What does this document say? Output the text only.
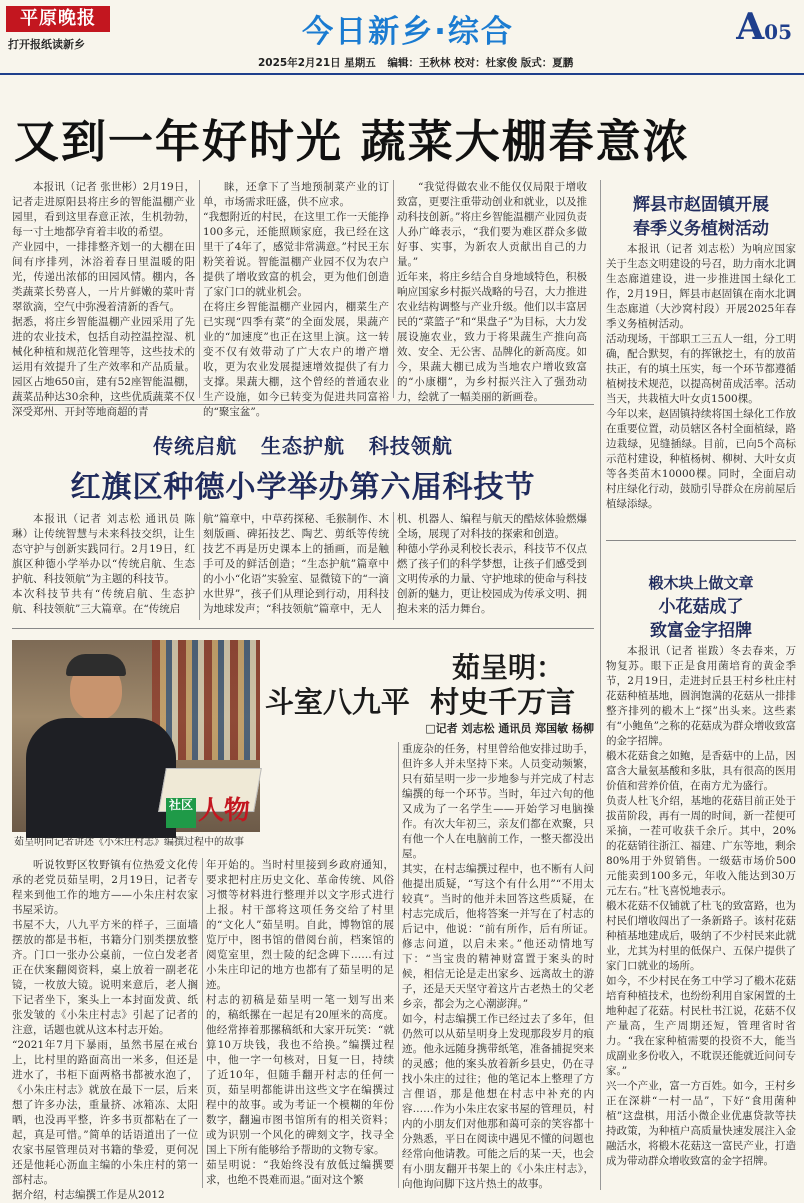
平原晚报
打开报纸读新乡	今日新乡·综合	A05
2025年2月21日 星期五 编辑：王秋林 校对：杜家俊 版式：夏鹏
又到一年好时光 蔬菜大棚春意浓
本报讯（记者 张世彬）2月19日，记者走进原阳县将庄乡的智能温棚产业园里，看到这里春意正浓，生机勃勃，每一寸土地都孕育着丰收的希望。
产业园中，一排排整齐划一的大棚在田间有序排列，沐浴着春日里温暖的阳光，传递出浓郁的田园风情。棚内，各类蔬菜长势喜人，一片片鲜嫩的菜叶青翠欲滴，空气中弥漫着清新的香气。
据悉，将庄乡智能温棚产业园采用了先进的农业技术，包括自动控温控湿、机械化种植和规范化管理等，这些技术的运用有效提升了生产效率和产品质量。园区占地650亩，建有52座智能温棚，蔬菜品种达30余种，这些优质蔬菜不仅深受郑州、开封等地商超的青
睐，还拿下了当地预制菜产业的订单，市场需求旺盛，供不应求。
“我想附近的村民，在这里工作一天能挣100多元，还能照顾家庭，我已经在这里干了4年了，感觉非常满意。”村民王东粉笑着说。智能温棚产业园不仅为农户提供了增收致富的机会，更为他们创造了家门口的就业机会。
在将庄乡智能温棚产业园内，棚菜生产已实现“四季有菜”的全面发展，果蔬产业的“加速度”也正在这里上演。这一转变不仅有效带动了广大农户的增产增收，更为农业发展提速增效提供了有力支撑。果蔬大棚，这个曾经的普通农业生产设施，如今已转变为促进共同富裕的“聚宝盆”。
“我觉得做农业不能仅仅局限于增收致富，更要注重带动创业和就业，以及推动科技创新。”将庄乡智能温棚产业园负责人孙广峰表示，“我们要为难区群众多做好事、实事，为新农人贡献出自己的力量。”
近年来，将庄乡结合自身地域特色，积极响应国家乡村振兴战略的号召，大力推进农业结构调整与产业升级。他们以丰富居民的“菜篮子”和“果盘子”为目标，大力发展设施农业，致力于将果蔬生产推向高效、安全、无公害、品牌化的新高度。如今，果蔬大棚已成为当地农户增收致富的“小康棚”，为乡村振兴注入了强劲动力，绘就了一幅美丽的新画卷。
传统启航   生态护航   科技领航
红旗区种德小学举办第六届科技节
本报讯（记者 刘志松 通讯员 陈琳）让传统智慧与未来科技交织，让生态守护与创新实践同行。2月19日，红旗区种德小学举办以“传统启航、生态护航、科技领航”为主题的科技节。
本次科技节共有“传统启航、生态护航、科技领航”三大篇章。在“传统启
航”篇章中，中草药探秘、毛猴制作、木刻版画、碑拓技艺、陶艺、剪纸等传统技艺不再是历史课本上的插画，而是触手可及的鲜活创造；“生态护航”篇章中的小小“化语”实验室、显微镜下的“一滴水世界”，孩子们从理论到行动，用科技为地球发声；“科技领航”篇章中，无人
机、机器人、编程与航天的酷炫体验燃爆全场，展现了对科技的探索和创造。
种德小学孙灵利校长表示，科技节不仅点燃了孩子们的科学梦想，让孩子们感受到文明传承的力量、守护地球的使命与科技创新的魅力，更让校园成为传承文明、拥抱未来的活力舞台。
社区 人物
茹呈明向记者讲述《小朱庄村志》编撰过程中的故事
茹呈明：
斗室八九平  村史千万言
□记者 刘志松 通讯员 郑国敏 杨柳
听说牧野区牧野镇有位热爱文化传承的老党员茹呈明，2月19日，记者专程来到他工作的地方——小朱庄村农家书屋采访。
书屋不大，八九平方米的样子，三面墙摆放的都是书柜，书籍分门别类摆放整齐。门口一张办公桌前，一位白发老者正在伏案翻阅资料，桌上放着一副老花镜，一枚放大镜。说明来意后，老人搁下记者坐下，案头上一本封面发黄、纸张发皱的《小朱庄村志》引起了记者的注意，话题也就从这本村志开始。
“2021年7月下暴雨，虽然书屋在戒台上，比村里的路面高出一米多，但还是进水了，书柜下面两格书都被水泡了，《小朱庄村志》就放在最下一层，后来想了许多办法，重量挤、冰箱冻、太阳晒，也没再平整，许多书页都粘在了一起，真是可惜。”简单的话语道出了一位农家书屋管理员对书籍的挚爱，更何况还是他耗心沥血主编的小朱庄村的第一部村志。
据介绍，村志编撰工作是从2012
年开始的。当时村里接到乡政府通知，要求把村庄历史文化、革命传统、风俗习惯等材料进行整理并以文字形式进行上报。村干部将这项任务交给了村里的“文化人”茹呈明。自此，博物馆的展览厅中，图书馆的借阅台前，档案馆的阅览室里，烈士陵的纪念碑下……有过小朱庄印记的地方也都有了茹呈明的足迹。
村志的初稿是茹呈明一笔一划写出来的，稿纸摞在一起足有20厘米的高度。他经常捧着那摞稿纸和大家开玩笑：“就算10万块钱，我也不给换。”编撰过程中，他一字一句核对，日复一日，持续了近10年，但随手翻开村志的任何一页，茹呈明都能讲出这些文字在编撰过程中的故事。或为考证一个模糊的年份数字，翻遍市图书馆所有的相关资料；或为识别一个风化的碑刻文字，找寻全国上下所有能够给予帮助的文物专家。
茹呈明说：“我始终没有放低过编撰要求，也绝不畏难而退。”面对这个繁
重庞杂的任务，村里曾给他安排过助手，但许多人并未坚持下来。人员变动频繁，只有茹呈明一步一步地参与并完成了村志编撰的每一个环节。当时，年过六旬的他又成为了一名学生——开始学习电脑操作。有次大年初三，亲友们都在欢聚，只有他一个人在电脑前工作，一整天都没出屋。
其实，在村志编撰过程中，也不断有人问他提出质疑，“写这个有什么用”“不用太较真”。当时的他并未回答这些质疑，在村志完成后，他将答案一并写在了村志的后记中，他说：“前有所作，后有所证。修志问道，以启未来。”他还动情地写下：“当宝贵的精神财富置于案头的时候，相信无论是走出家乡、远离故土的游子，还是天天坚守着这片古老热土的父老乡亲，都会为之心潮澎湃。”
如今，村志编撰工作已经过去了多年，但仍然可以从茹呈明身上发现那段岁月的痕迹。他永远随身携带纸笔，准备捕捉突来的灵感；他的案头放着新乡县史，仍在寻找小朱庄的过往；他的笔记本上整理了方言俚语，那是他想在村志中补充的内容……作为小朱庄农家书屋的管理员，村内的小朋友们对他那和蔼可亲的笑容都十分熟悉，平日在阅读中遇见不懂的问题也经常向他请教。可能之后的某一天，也会有小朋友翻开书架上的《小朱庄村志》，向他询问脚下这片热土的故事。
辉县市赵固镇开展
春季义务植树活动
本报讯（记者 刘志松）为响应国家关于生态文明建设的号召，助力南水北调生态廊道建设，进一步推进国土绿化工作，2月19日，辉县市赵固镇在南水北调生态廊道（大沙窝村段）开展2025年春季义务植树活动。
活动现场，干部职工三五人一组，分工明确，配合默契，有的挥锹挖土，有的放苗扶正，有的填土压实，每一个环节都遵循植树技术规范，以提高树苗成活率。活动当天，共栽植大叶女贞1500棵。
今年以来，赵固镇持续将国土绿化工作放在重要位置，动员辖区各村全面植绿，路边栽绿，见缝插绿。目前，已向5个高标示范村建设，种植杨树、柳树、大叶女贞等各类苗木10000棵。同时，全面启动村庄绿化行动，鼓励引导群众在房前屋后植绿添绿。
椴木块上做文章
小花菇成了
致富金字招牌
本报讯（记者 崔跋）冬去春来，万物复苏。眼下正是食用菌培育的黄金季节，2月19日，走进封丘县王村乡杜庄村花菇种植基地，圆润饱满的花菇从一排排整齐排列的椴木上“探”出头来。这些素有“小鲍鱼”之称的花菇成为群众增收致富的金字招牌。
椴木花菇食之如鲍，是香菇中的上品，因富含大量氨基酸和多肽，具有很高的医用价值和营养价值，在南方尤为盛行。
负责人杜飞介绍，基地的花菇目前正处于拔苗阶段，再有一周的时间，新一茬便可采摘，一茬可收获千余斤。其中，20%的花菇销往浙江、福建、广东等地，剩余80%用于外贸销售。一级菇市场价500元能卖到100多元，年收入能达到30万元左右。”杜飞喜悦地表示。
椴木花菇不仅铺就了杜飞的致富路，也为村民们增收闯出了一条新路子。该村花菇种植基地建成后，吸纳了不少村民来此就业，尤其为村里的低保户、五保户提供了家门口就业的场所。
如今，不少村民在务工中学习了椴木花菇培育种植技术，也纷纷利用自家闲置的土地种起了花菇。村民杜书江说，花菇不仅产量高，生产周期还短，管理省时省力。“我在家种植需要的投资不大，能当成副业多份收入，不耽误还能就近问问专家。”
兴一个产业，富一方百姓。如今，王村乡正在深耕“一村一品”，下好“食用菌种植”这盘棋，用活小微企业优惠贷款等扶持政策，为种植户高质量快速发展注入金融活水，将椴木花菇这一富民产业，打造成为带动群众增收致富的金字招牌。
